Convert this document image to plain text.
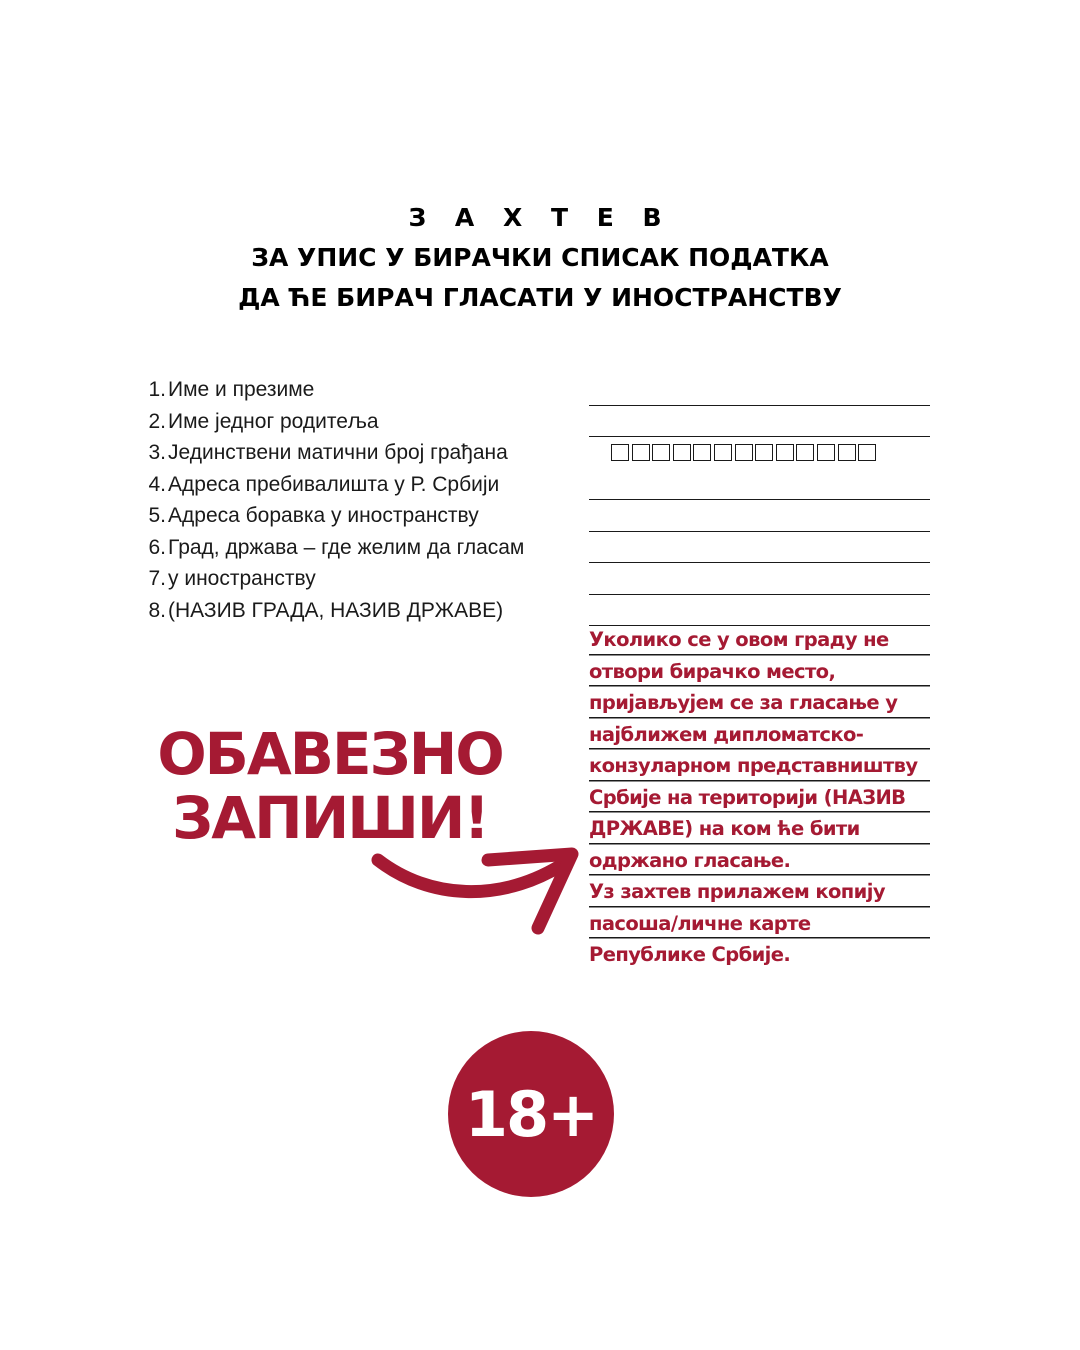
З А Х Т Е В
ЗА УПИС У БИРАЧКИ СПИСАК ПОДАТКА
ДА ЋЕ БИРАЧ ГЛАСАТИ У ИНОСТРАНСТВУ
1. Име и презиме
2. Име једног родитеља
3. Јединствени матични број грађана
4. Адреса пребивалишта у Р. Србији
5. Адреса боравка у иностранству
6. Град, држава – где желим да гласам
7. у иностранству
8. (НАЗИВ ГРАДА, НАЗИВ ДРЖАВЕ)
Уколико се у овом граду не
отвори бирачко место,
пријављујем се за гласање у
најближем дипломатско-
конзуларном представништву
Србије на територији (НАЗИВ
ДРЖАВЕ) на ком ће бити
одржано гласање.
Уз захтев прилажем копију
пасоша/личне карте
Републике Србије.
ОБАВЕЗНО
ЗАПИШИ!
18+
